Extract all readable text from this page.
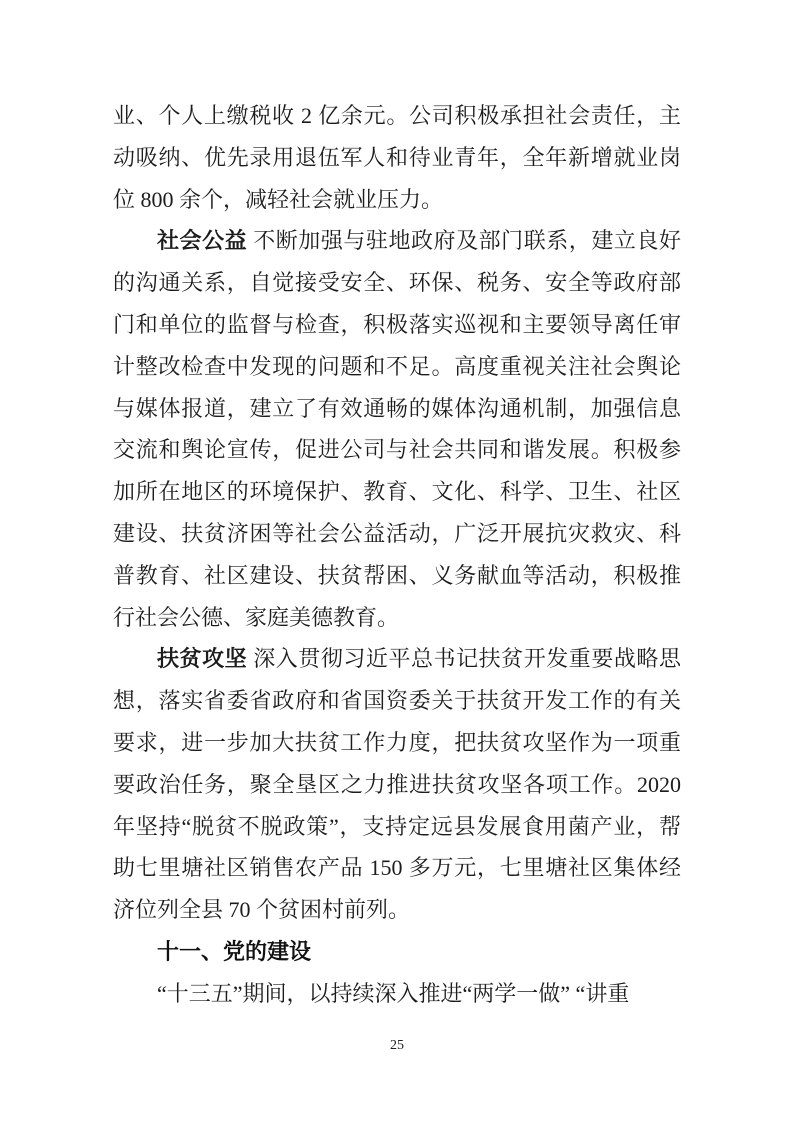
业、个人上缴税收 2 亿余元。公司积极承担社会责任，主动吸纳、优先录用退伍军人和待业青年，全年新增就业岗位 800 余个，减轻社会就业压力。

社会公益 不断加强与驻地政府及部门联系，建立良好的沟通关系，自觉接受安全、环保、税务、安全等政府部门和单位的监督与检查，积极落实巡视和主要领导离任审计整改检查中发现的问题和不足。高度重视关注社会舆论与媒体报道，建立了有效通畅的媒体沟通机制，加强信息交流和舆论宣传，促进公司与社会共同和谐发展。积极参加所在地区的环境保护、教育、文化、科学、卫生、社区建设、扶贫济困等社会公益活动，广泛开展抗灾救灾、科普教育、社区建设、扶贫帮困、义务献血等活动，积极推行社会公德、家庭美德教育。

扶贫攻坚 深入贯彻习近平总书记扶贫开发重要战略思想，落实省委省政府和省国资委关于扶贫开发工作的有关要求，进一步加大扶贫工作力度，把扶贫攻坚作为一项重要政治任务，聚全垦区之力推进扶贫攻坚各项工作。2020 年坚持“脱贫不脱政策”，支持定远县发展食用菌产业，帮助七里塘社区销售农产品 150 多万元，七里塘社区集体经济位列全县 70 个贫困村前列。

十一、党的建设

“十三五”期间，以持续深入推进“两学一做” “讲重

25
